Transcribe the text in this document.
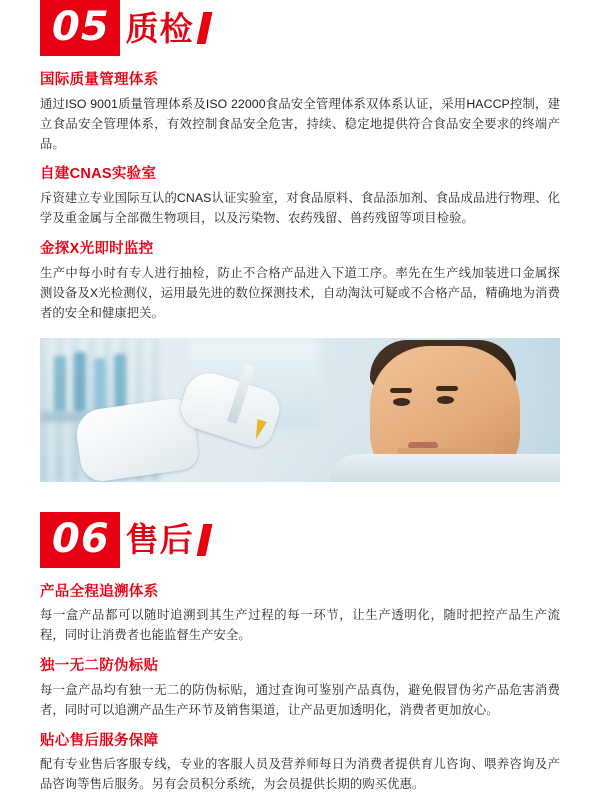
05 质检
国际质量管理体系
通过ISO 9001质量管理体系及ISO 22000食品安全管理体系双体系认证，采用HACCP控制，建立食品安全管理体系，有效控制食品安全危害，持续、稳定地提供符合食品安全要求的终端产品。
自建CNAS实验室
斥资建立专业国际互认的CNAS认证实验室，对食品原料、食品添加剂、食品成品进行物理、化学及重金属与全部微生物项目，以及污染物、农药残留、兽药残留等项目检验。
金探X光即时监控
生产中每小时有专人进行抽检，防止不合格产品进入下道工序。率先在生产线加装进口金属探测设备及X光检测仪，运用最先进的数位探测技术，自动淘汰可疑或不合格产品，精确地为消费者的安全和健康把关。
06 售后
产品全程追溯体系
每一盒产品都可以随时追溯到其生产过程的每一环节，让生产透明化，随时把控产品生产流程，同时让消费者也能监督生产安全。
独一无二防伪标贴
每一盒产品均有独一无二的防伪标贴，通过查询可鉴别产品真伪，避免假冒伪劣产品危害消费者，同时可以追溯产品生产环节及销售渠道，让产品更加透明化，消费者更加放心。
贴心售后服务保障
配有专业售后客服专线，专业的客服人员及营养师每日为消费者提供育儿咨询、喂养咨询及产品咨询等售后服务。另有会员积分系统，为会员提供长期的购买优惠。
